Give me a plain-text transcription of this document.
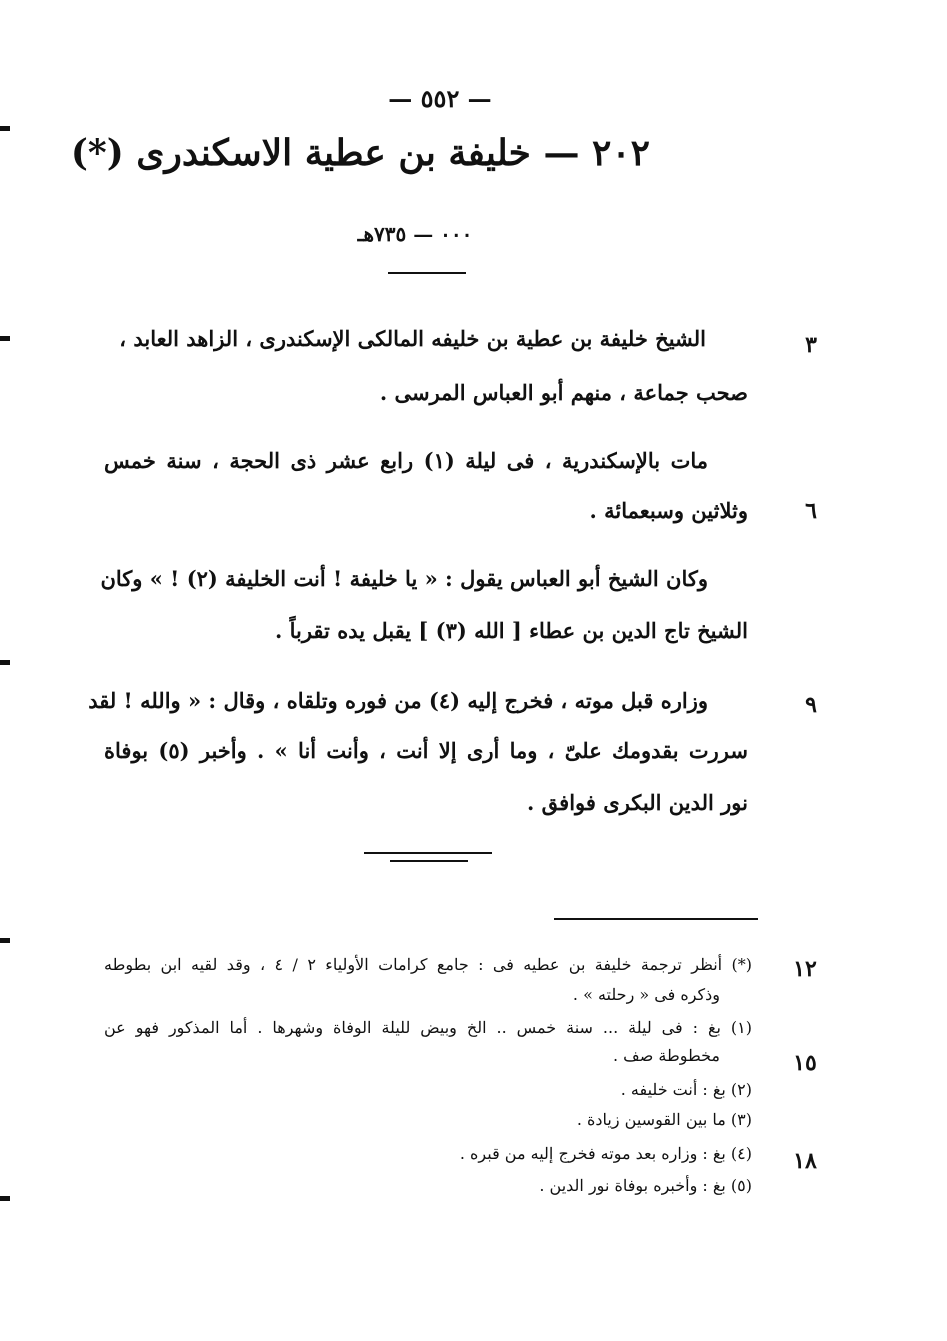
— ٥٥٢ —
٢٠٢ — خليفة بن عطية الاسكندرى (*)
٠٠٠ — ٧٣٥هـ
الشيخ خليفة بن عطية بن خليفه المالكى الإسكندرى ، الزاهد العابد ،
صحب جماعة ، منهم أبو العباس المرسى .
مات بالإسكندرية ، فى ليلة (١) رابع عشر ذى الحجة ، سنة خمس
وثلاثين وسبعمائة .
وكان الشيخ أبو العباس يقول : « يا خليفة ! أنت الخليفة (٢) ! » وكان
الشيخ تاج الدين بن عطاء [ الله (٣) ] يقبل يده تقرباً .
وزاره قبل موته ، فخرج إليه (٤) من فوره وتلقاه ، وقال : « والله ! لقد
سررت بقدومك علىّ ، وما أرى إلا أنت ، وأنت أنا » . وأخبر (٥) بوفاة
نور الدين البكرى فوافق .
٣
٦
٩
(*) أنظر ترجمة خليفة بن عطيه فى : جامع كرامات الأولياء ٢ / ٤ ، وقد لقيه ابن بطوطه
وذكره فى « رحلته » .
(١) بغ : فى ليلة ... سنة خمس .. الخ وبيض لليلة الوفاة وشهرها . أما المذكور فهو عن
مخطوطة صف .
(٢) بغ : أنت خليفه .
(٣) ما بين القوسين زيادة .
(٤) بغ : وزاره بعد موته فخرج إليه من قبره .
(٥) بغ : وأخبره بوفاة نور الدين .
١٢
١٥
١٨
